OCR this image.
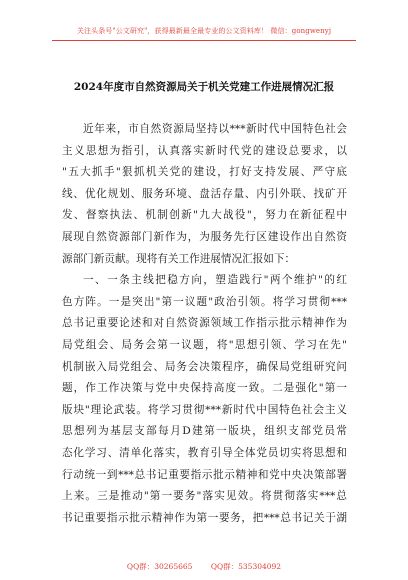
关注头条号"公文研究"，获得最新最全最专业的公文资料库！ 微信：gongwenyj
2024年度市自然资源局关于机关党建工作进展情况汇报
近年来，市自然资源局坚持以***新时代中国特色社会
主义思想为指引，认真落实新时代党的建设总要求，以
"五大抓手"狠抓机关党的建设，打好支持发展、严守底
线、优化规划、服务环境、盘活存量、内引外联、找矿开
发、督察执法、机制创新"九大战役"，努力在新征程中
展现自然资源部门新作为，为服务先行区建设作出自然资
源部门新贡献。现将有关工作进展情况汇报如下：
一、一条主线把稳方向，塑造践行"两个维护"的红
色方阵。一是突出"第一议题"政治引领。将学习贯彻***
总书记重要论述和对自然资源领域工作指示批示精神作为
局党组会、局务会第一议题，将"思想引领、学习在先"
机制嵌入局党组会、局务会决策程序，确保局党组研究问
题，作工作决策与党中央保持高度一致。二是强化"第一
版块"理论武装。将学习贯彻***新时代中国特色社会主义
思想列为基层支部每月D建第一版块，组织支部党员常
态化学习、清单化落实，教育引导全体党员切实将思想和
行动统一到***总书记重要指示批示精神和党中央决策部署
上来。三是推动"第一要务"落实见效。将贯彻落实***总
书记重要指示批示精神作为第一要务，把***总书记关于湖
QQ群：30265665 QQ群：535304092
